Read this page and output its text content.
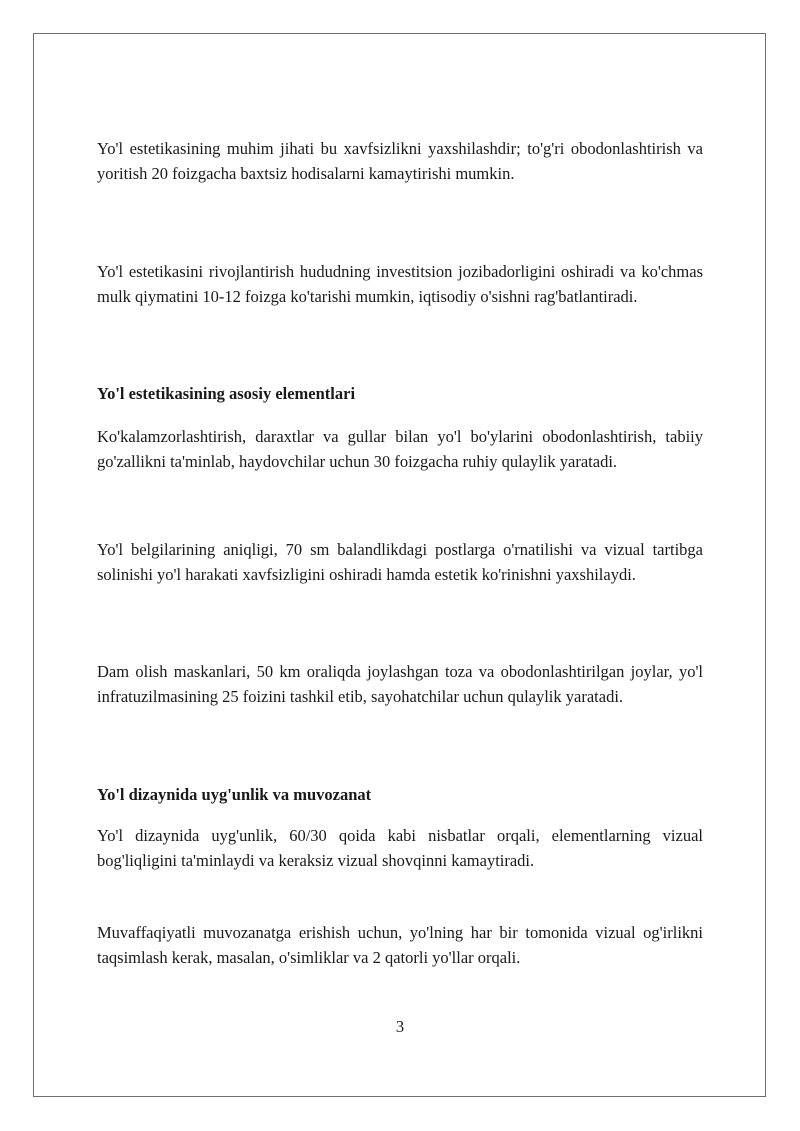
Yo'l estetikasining muhim jihati bu xavfsizlikni yaxshilashdir; to'g'ri obodonlashtirish va yoritish 20 foizgacha baxtsiz hodisalarni kamaytirishi mumkin.

Yo'l estetikasini rivojlantirish hududning investitsion jozibadorligini oshiradi va ko'chmas mulk qiymatini 10-12 foizga ko'tarishi mumkin, iqtisodiy o'sishni rag'batlantiradi.

Yo'l estetikasining asosiy elementlari

Ko'kalamzorlashtirish, daraxtlar va gullar bilan yo'l bo'ylarini obodonlashtirish, tabiiy go'zallikni ta'minlab, haydovchilar uchun 30 foizgacha ruhiy qulaylik yaratadi.

Yo'l belgilarining aniqligi, 70 sm balandlikdagi postlarga o'rnatilishi va vizual tartibga solinishi yo'l harakati xavfsizligini oshiradi hamda estetik ko'rinishni yaxshilaydi.

Dam olish maskanlari, 50 km oraliqda joylashgan toza va obodonlashtirilgan joylar, yo'l infratuzilmasining 25 foizini tashkil etib, sayohatchilar uchun qulaylik yaratadi.

Yo'l dizaynida uyg'unlik va muvozanat

Yo'l dizaynida uyg'unlik, 60/30 qoida kabi nisbatlar orqali, elementlarning vizual bog'liqligini ta'minlaydi va keraksiz vizual shovqinni kamaytiradi.

Muvaffaqiyatli muvozanatga erishish uchun, yo'lning har bir tomonida vizual og'irlikni taqsimlash kerak, masalan, o'simliklar va 2 qatorli yo'llar orqali.

3
